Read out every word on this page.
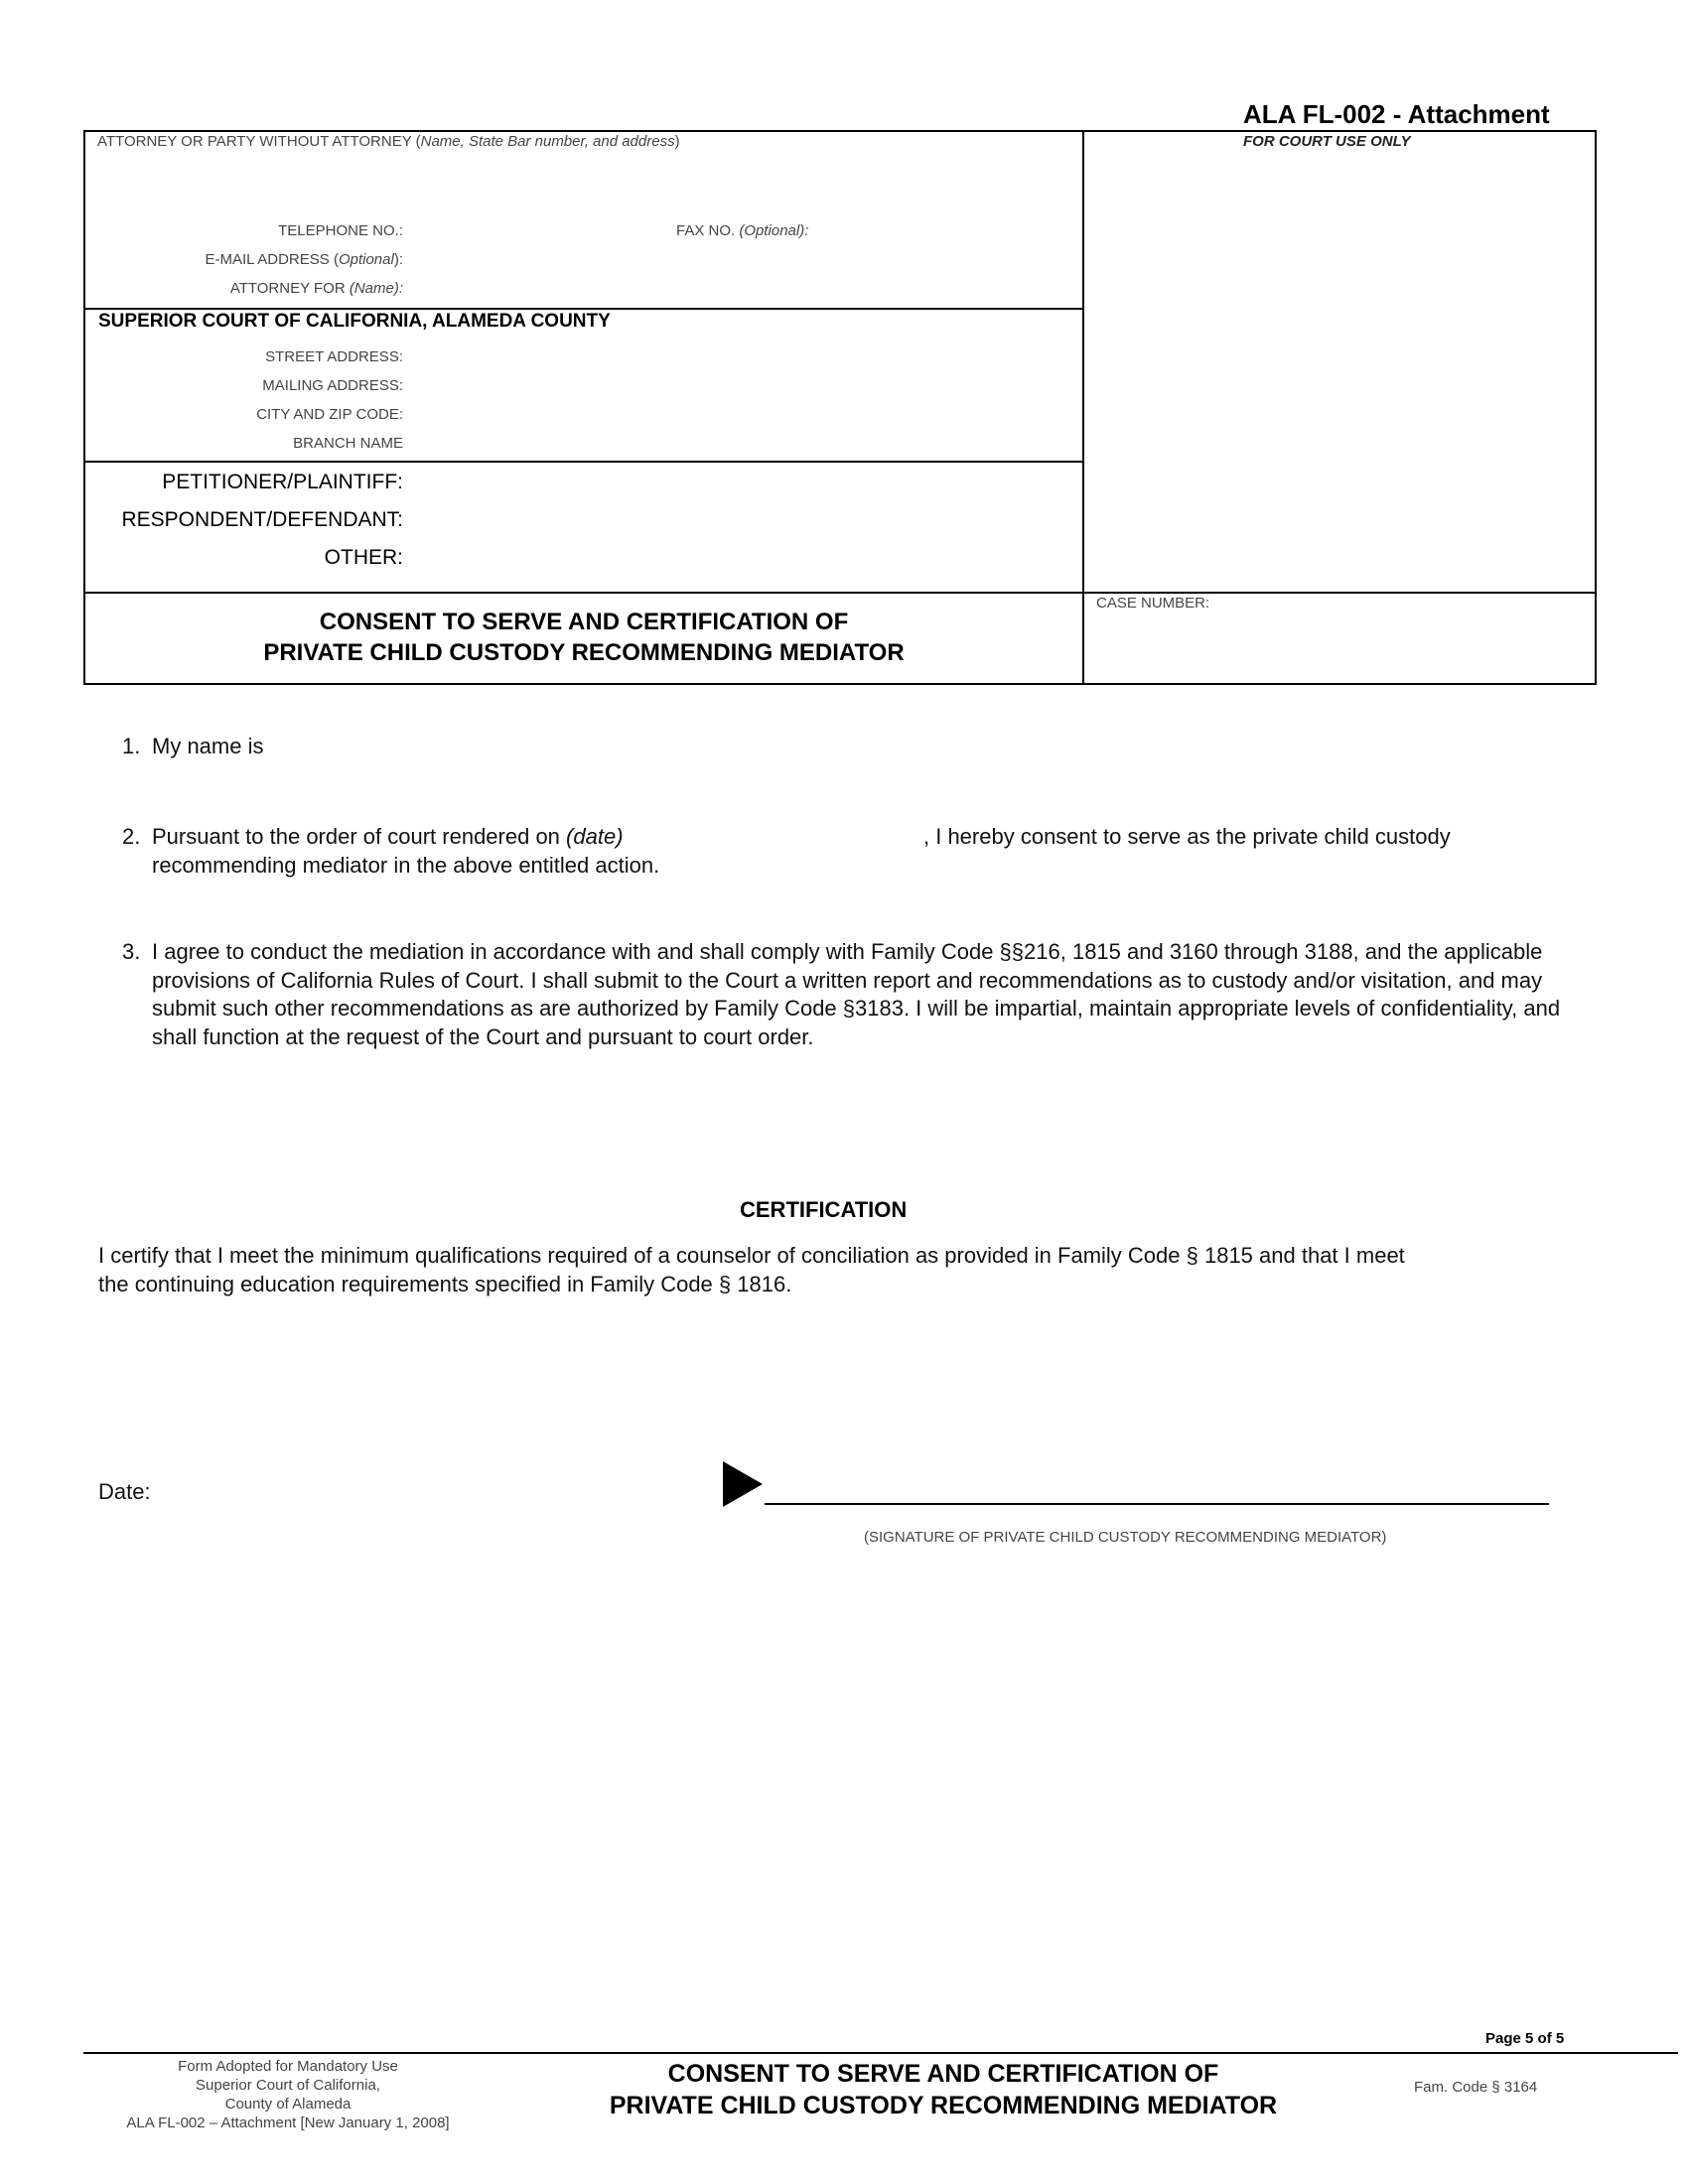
ALA FL-002 - Attachment
ATTORNEY OR PARTY WITHOUT ATTORNEY (Name, State Bar number, and address)
TELEPHONE NO.:	FAX NO. (Optional):
E-MAIL ADDRESS (Optional):
ATTORNEY FOR (Name):
FOR COURT USE ONLY
SUPERIOR COURT OF CALIFORNIA, ALAMEDA COUNTY
STREET ADDRESS:
MAILING ADDRESS:
CITY AND ZIP CODE:
BRANCH NAME
PETITIONER/PLAINTIFF:
RESPONDENT/DEFENDANT:
OTHER:
CONSENT TO SERVE AND CERTIFICATION OF
PRIVATE CHILD CUSTODY RECOMMENDING MEDIATOR
CASE NUMBER:
1. My name is
2. Pursuant to the order of court rendered on (date)	, I hereby consent to serve as the private child custody
recommending mediator in the above entitled action.
3. I agree to conduct the mediation in accordance with and shall comply with Family Code §§216, 1815 and 3160 through 3188, and the applicable provisions of California Rules of Court. I shall submit to the Court a written report and recommendations as to custody and/or visitation, and may submit such other recommendations as are authorized by Family Code §3183. I will be impartial, maintain appropriate levels of confidentiality, and shall function at the request of the Court and pursuant to court order.
CERTIFICATION
I certify that I meet the minimum qualifications required of a counselor of conciliation as provided in Family Code § 1815 and that I meet
the continuing education requirements specified in Family Code § 1816.
Date:
(SIGNATURE OF PRIVATE CHILD CUSTODY RECOMMENDING MEDIATOR)
Page 5 of 5
Form Adopted for Mandatory Use
Superior Court of California,
County of Alameda
ALA FL-002 – Attachment [New January 1, 2008]
CONSENT TO SERVE AND CERTIFICATION OF
PRIVATE CHILD CUSTODY RECOMMENDING MEDIATOR
Fam. Code § 3164
